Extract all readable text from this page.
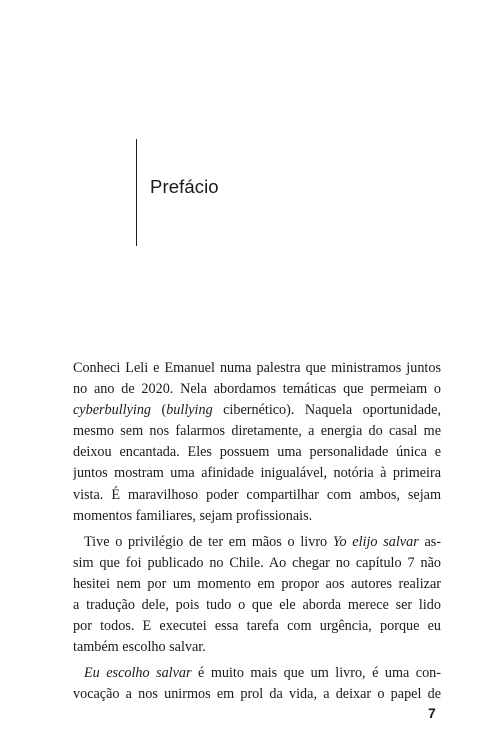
Prefácio
Conheci Leli e Emanuel numa palestra que ministramos juntos
no ano de 2020. Nela abordamos temáticas que permeiam o
cyberbullying (bullying cibernético). Naquela oportunidade,
mesmo sem nos falarmos diretamente, a energia do casal me
deixou encantada. Eles possuem uma personalidade única e
juntos mostram uma afinidade inigualável, notória à primeira
vista. É maravilhoso poder compartilhar com ambos, sejam
momentos familiares, sejam profissionais.
Tive o privilégio de ter em mãos o livro Yo elijo salvar as-
sim que foi publicado no Chile. Ao chegar no capítulo 7 não
hesitei nem por um momento em propor aos autores realizar
a tradução dele, pois tudo o que ele aborda merece ser lido
por todos. E executei essa tarefa com urgência, porque eu
também escolho salvar.
Eu escolho salvar é muito mais que um livro, é uma con-
vocação a nos unirmos em prol da vida, a deixar o papel de
7
